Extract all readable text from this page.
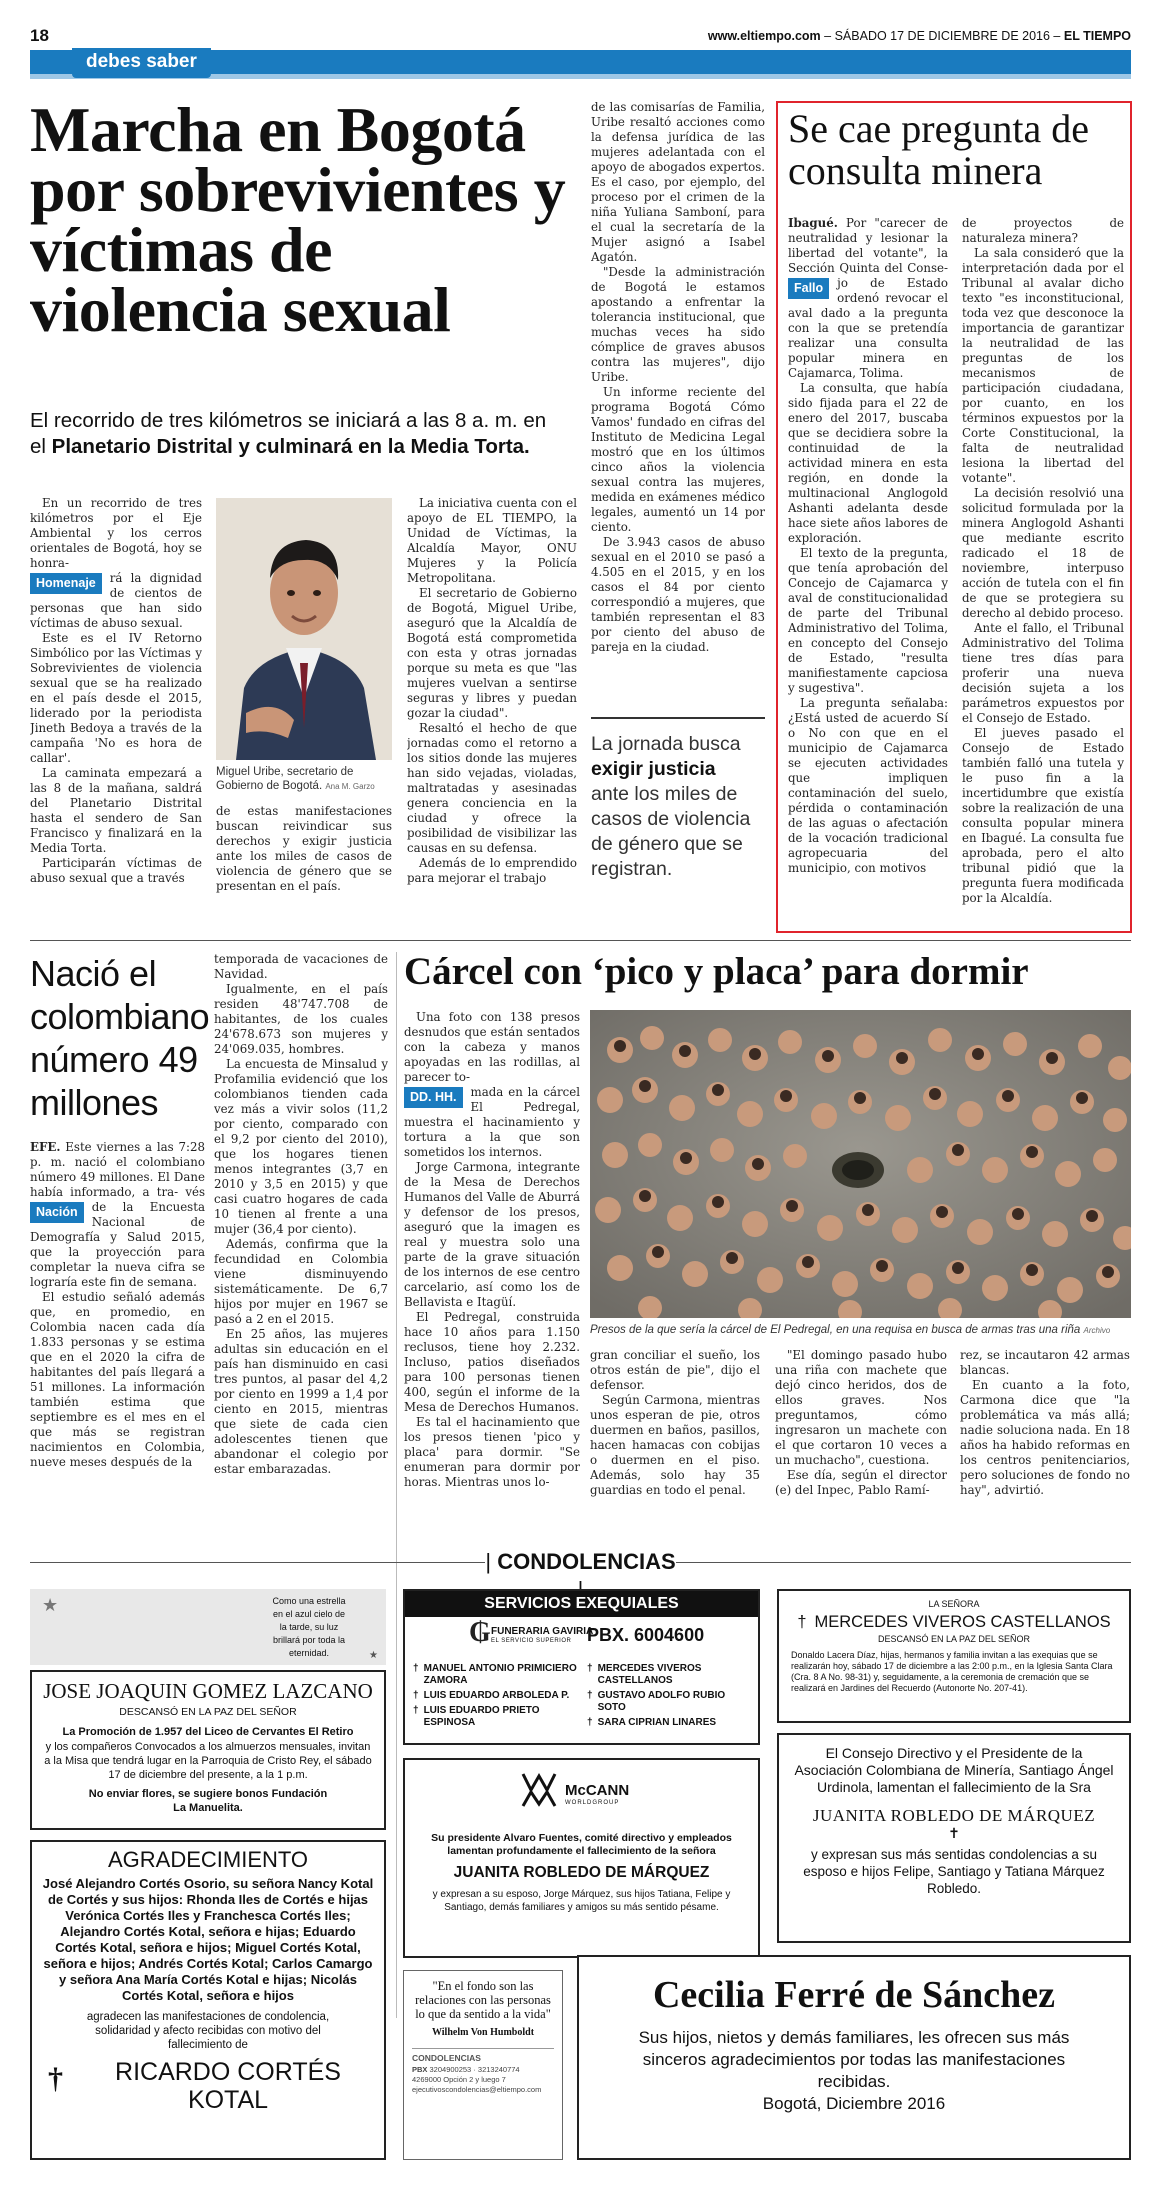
18	www.eltiempo.com – SÁBADO 17 DE DICIEMBRE DE 2016 – EL TIEMPO
debes saber
Marcha en Bogotá por sobrevivientes y víctimas de violencia sexual
El recorrido de tres kilómetros se iniciará a las 8 a. m. en
el Planetario Distrital y culminará en la Media Torta.

En un recorrido de tres kilómetros por el Eje Ambiental y los cerros orientales de Bogotá, hoy se honra-

Homenaje	rá la dignidad de cientos de personas que han sido víctimas de abuso sexual.

Este es el IV Retorno Simbólico por las Víctimas y Sobrevivientes de violencia sexual que se ha realizado en el país desde el 2015, liderado por la periodista Jineth Bedoya a través de la campaña 'No es hora de callar'.

La caminata empezará a las 8 de la mañana, saldrá del Planetario Distrital hasta el sendero de San Francisco y finalizará en la Media Torta.

Participarán víctimas de abuso sexual que a través

Miguel Uribe, secretario de Gobierno de Bogotá. Ana M. Garzo
de estas manifestaciones buscan reivindicar sus derechos y exigir justicia ante los miles de casos de violencia de género que se presentan en el país.

La iniciativa cuenta con el apoyo de EL TIEMPO, la Unidad de Víctimas, la Alcaldía Mayor, ONU Mujeres y la Policía Metropolitana.

El secretario de Gobierno de Bogotá, Miguel Uribe, aseguró que la Alcaldía de Bogotá está comprometida con esta y otras jornadas porque su meta es que "las mujeres vuelvan a sentirse seguras y libres y puedan gozar la ciudad".

Resaltó el hecho de que jornadas como el retorno a los sitios donde las mujeres han sido vejadas, violadas, maltratadas y asesinadas genera conciencia en la ciudad y ofrece la posibilidad de visibilizar las causas en su defensa.

Además de lo emprendido para mejorar el trabajo

de las comisarías de Familia, Uribe resaltó acciones como la defensa jurídica de las mujeres adelantada con el apoyo de abogados expertos. Es el caso, por ejemplo, del proceso por el crimen de la niña Yuliana Samboní, para el cual la secretaría de la Mujer asignó a Isabel Agatón.

"Desde la administración de Bogotá le estamos apostando a enfrentar la tolerancia institucional, que muchas veces ha sido cómplice de graves abusos contra las mujeres", dijo Uribe.

Un informe reciente del programa Bogotá Cómo Vamos' fundado en cifras del Instituto de Medicina Legal mostró que en los últimos cinco años la violencia sexual contra las mujeres, medida en exámenes médico legales, aumentó un 14 por ciento.

De 3.943 casos de abuso sexual en el 2010 se pasó a 4.505 en el 2015, y en los casos el 84 por ciento correspondió a mujeres, que también representan el 83 por ciento del abuso de pareja en la ciudad.

La jornada busca
exigir justicia
ante los miles de casos de violencia de género que se registran.
Se cae pregunta de consulta minera
Ibagué. Por "carecer de neutralidad y lesionar la libertad del votante", la Sección Quinta del Conse-
Fallo	jo de Estado ordenó revocar el aval dado a la pregunta con la que se pretendía realizar una consulta popular minera en Cajamarca, Tolima.

La consulta, que había sido fijada para el 22 de enero del 2017, buscaba que se decidiera sobre la continuidad de la actividad minera en esta región, en donde la multinacional Anglogold Ashanti adelanta desde hace siete años labores de exploración.

El texto de la pregunta, que tenía aprobación del Concejo de Cajamarca y aval de constitucionalidad de parte del Tribunal Administrativo del Tolima, en concepto del Consejo de Estado, "resulta manifiestamente capciosa y sugestiva".

La pregunta señalaba: ¿Está usted de acuerdo Sí o No con que en el municipio de Cajamarca se ejecuten actividades que impliquen contaminación del suelo, pérdida o contaminación de las aguas o afectación de la vocación tradicional agropecuaria del municipio, con motivos

de proyectos de naturaleza minera?

La sala consideró que la interpretación dada por el Tribunal al avalar dicho texto "es inconstitucional, toda vez que desconoce la importancia de garantizar la neutralidad de las preguntas de los mecanismos de participación ciudadana, por cuanto, en los términos expuestos por la Corte Constitucional, la falta de neutralidad lesiona la libertad del votante".

La decisión resolvió una solicitud formulada por la minera Anglogold Ashanti que mediante escrito radicado el 18 de noviembre, interpuso acción de tutela con el fin de que se protegiera su derecho al debido proceso.

Ante el fallo, el Tribunal Administrativo del Tolima tiene tres días para proferir una nueva decisión sujeta a los parámetros expuestos por el Consejo de Estado.

El jueves pasado el Consejo de Estado también falló una tutela y le puso fin a la incertidumbre que existía sobre la realización de una consulta popular minera en Ibagué. La consulta fue aprobada, pero el alto tribunal pidió que la pregunta fuera modificada por la Alcaldía.

Nació el colombiano número 49 millones
EFE. Este viernes a las 7:28 p. m. nació el colombiano número 49 millones. El Dane había informado, a tra-
Nación
vés de la Encuesta Nacional de Demografía y Salud 2015, que la proyección para completar la nueva cifra se lograría este fin de semana.

El estudio señaló además que, en promedio, en Colombia nacen cada día 1.833 personas y se estima que en el 2020 la cifra de habitantes del país llegará a 51 millones. La información también estima que septiembre es el mes en el que más se registran nacimientos en Colombia, nueve meses después de la

temporada de vacaciones de Navidad.

Igualmente, en el país residen 48'747.708 de habitantes, de los cuales 24'678.673 son mujeres y 24'069.035, hombres.

La encuesta de Minsalud y Profamilia evidenció que los colombianos tienden cada vez más a vivir solos (11,2 por ciento, comparado con el 9,2 por ciento del 2010), que los hogares tienen menos integrantes (3,7 en 2010 y 3,5 en 2015) y que casi cuatro hogares de cada 10 tienen al frente a una mujer (36,4 por ciento).

Además, confirma que la fecundidad en Colombia viene disminuyendo sistemáticamente. De 6,7 hijos por mujer en 1967 se pasó a 2 en el 2015.

En 25 años, las mujeres adultas sin educación en el país han disminuido en casi tres puntos, al pasar del 4,2 por ciento en 1999 a 1,4 por ciento en 2015, mientras que siete de cada cien adolescentes tienen que abandonar el colegio por estar embarazadas.

Cárcel con ‘pico y placa’ para dormir

Una foto con 138 presos desnudos que están sentados con la cabeza y manos apoyadas en las rodillas, al parecer to-

DD. HH.	mada en la cárcel El Pedregal, muestra el hacinamiento y tortura a la que son sometidos los internos.

Jorge Carmona, integrante de la Mesa de Derechos Humanos del Valle de Aburrá y defensor de los presos, aseguró que la imagen es real y muestra solo una parte de la grave situación de los internos de ese centro carcelario, así como los de Bellavista e Itagüí.

El Pedregal, construida hace 10 años para 1.150 reclusos, tiene hoy 2.232. Incluso, patios diseñados para 100 personas tienen 400, según el informe de la Mesa de Derechos Humanos.

Es tal el hacinamiento que los presos tienen 'pico y placa' para dormir. "Se enumeran para dormir por horas. Mientras unos lo-

Presos de la que sería la cárcel de El Pedregal, en una requisa en busca de armas tras una riña Archivo
gran conciliar el sueño, los otros están de pie", dijo el defensor.

Según Carmona, mientras unos esperan de pie, otros duermen en baños, pasillos, hacen hamacas con cobijas o duermen en el piso. Además, solo hay 35 guardias en todo el penal.

"El domingo pasado hubo una riña con machete que dejó cinco heridos, dos de ellos graves. Nos preguntamos, cómo ingresaron un machete con el que cortaron 10 veces a un muchacho", cuestiona.

Ese día, según el director (e) del Inpec, Pablo Ramí-

rez, se incautaron 42 armas blancas.

En cuanto a la foto, Carmona dice que "la problemática va más allá; nadie soluciona nada. En 18 años ha habido reformas en los centros penitenciarios, pero soluciones de fondo no hay", advirtió.

| CONDOLENCIAS
★
★
Como una estrella
en el azul cielo de
la tarde, su luz
brillará por toda la
eternidad.
JOSE JOAQUIN GOMEZ LAZCANO
DESCANSÓ EN LA PAZ DEL SEÑOR
La Promoción de 1.957 del Liceo de Cervantes El Retiro
y los compañeros Convocados a los almuerzos mensuales, invitan a la Misa que tendrá lugar en la Parroquia de Cristo Rey, el sábado 17 de diciembre del presente, a la 1 p.m.
No enviar flores, se sugiere bonos Fundación La Manuelita.
AGRADECIMIENTO
José Alejandro Cortés Osorio, su señora Nancy Kotal de Cortés y sus hijos: Rhonda Iles de Cortés e hijas Verónica Cortés Iles y Franchesca Cortés Iles; Alejandro Cortés Kotal, señora e hijas; Eduardo Cortés Kotal, señora e hijos; Miguel Cortés Kotal, señora e hijos; Andrés Cortés Kotal; Carlos Camargo y señora Ana María Cortés Kotal e hijas; Nicolás Cortés Kotal, señora e hijos
agradecen las manifestaciones de condolencia, solidaridad y afecto recibidas con motivo del fallecimiento de
†	RICARDO CORTÉS KOTAL
SERVICIOS EXEQUIALES
₲ FUNERARIA GAVIRIA
EL SERVICIO SUPERIOR PBX. 6004600
† MANUEL ANTONIO PRIMICIERO ZAMORA
† LUIS EDUARDO ARBOLEDA P.
† LUIS EDUARDO PRIETO ESPINOSA
† MERCEDES VIVEROS CASTELLANOS
† GUSTAVO ADOLFO RUBIO SOTO
† SARA CIPRIAN LINARES
McCANN
WORLDGROUP
Su presidente Alvaro Fuentes, comité directivo y empleados lamentan profundamente el fallecimiento de la señora
JUANITA ROBLEDO DE MÁRQUEZ
y expresan a su esposo, Jorge Márquez, sus hijos Tatiana, Felipe y Santiago, demás familiares y amigos su más sentido pésame.
"En el fondo son las relaciones con las personas lo que da sentido a la vida"
Wilhelm Von Humboldt
CONDOLENCIAS
PBX 3204900253 · 3213240774
4269000 Opción 2 y luego 7
ejecutivoscondolencias@eltiempo.com
LA SEÑORA
† MERCEDES VIVEROS CASTELLANOS
DESCANSÓ EN LA PAZ DEL SEÑOR
Donaldo Lacera Díaz, hijas, hermanos y familia invitan a las exequias que se realizarán hoy, sábado 17 de diciembre a las 2:00 p.m., en la Iglesia Santa Clara (Cra. 8 A No. 98-31) y, seguidamente, a la ceremonia de cremación que se realizará en Jardines del Recuerdo (Autonorte No. 207-41).
El Consejo Directivo y el Presidente de la Asociación Colombiana de Minería, Santiago Ángel Urdinola, lamentan el fallecimiento de la Sra
JUANITA ROBLEDO DE MÁRQUEZ
✝
y expresan sus más sentidas condolencias a su esposo e hijos Felipe, Santiago y Tatiana Márquez Robledo.
Cecilia Ferré de Sánchez
Sus hijos, nietos y demás familiares, les ofrecen sus más sinceros agradecimientos por todas las manifestaciones recibidas.
Bogotá, Diciembre 2016
